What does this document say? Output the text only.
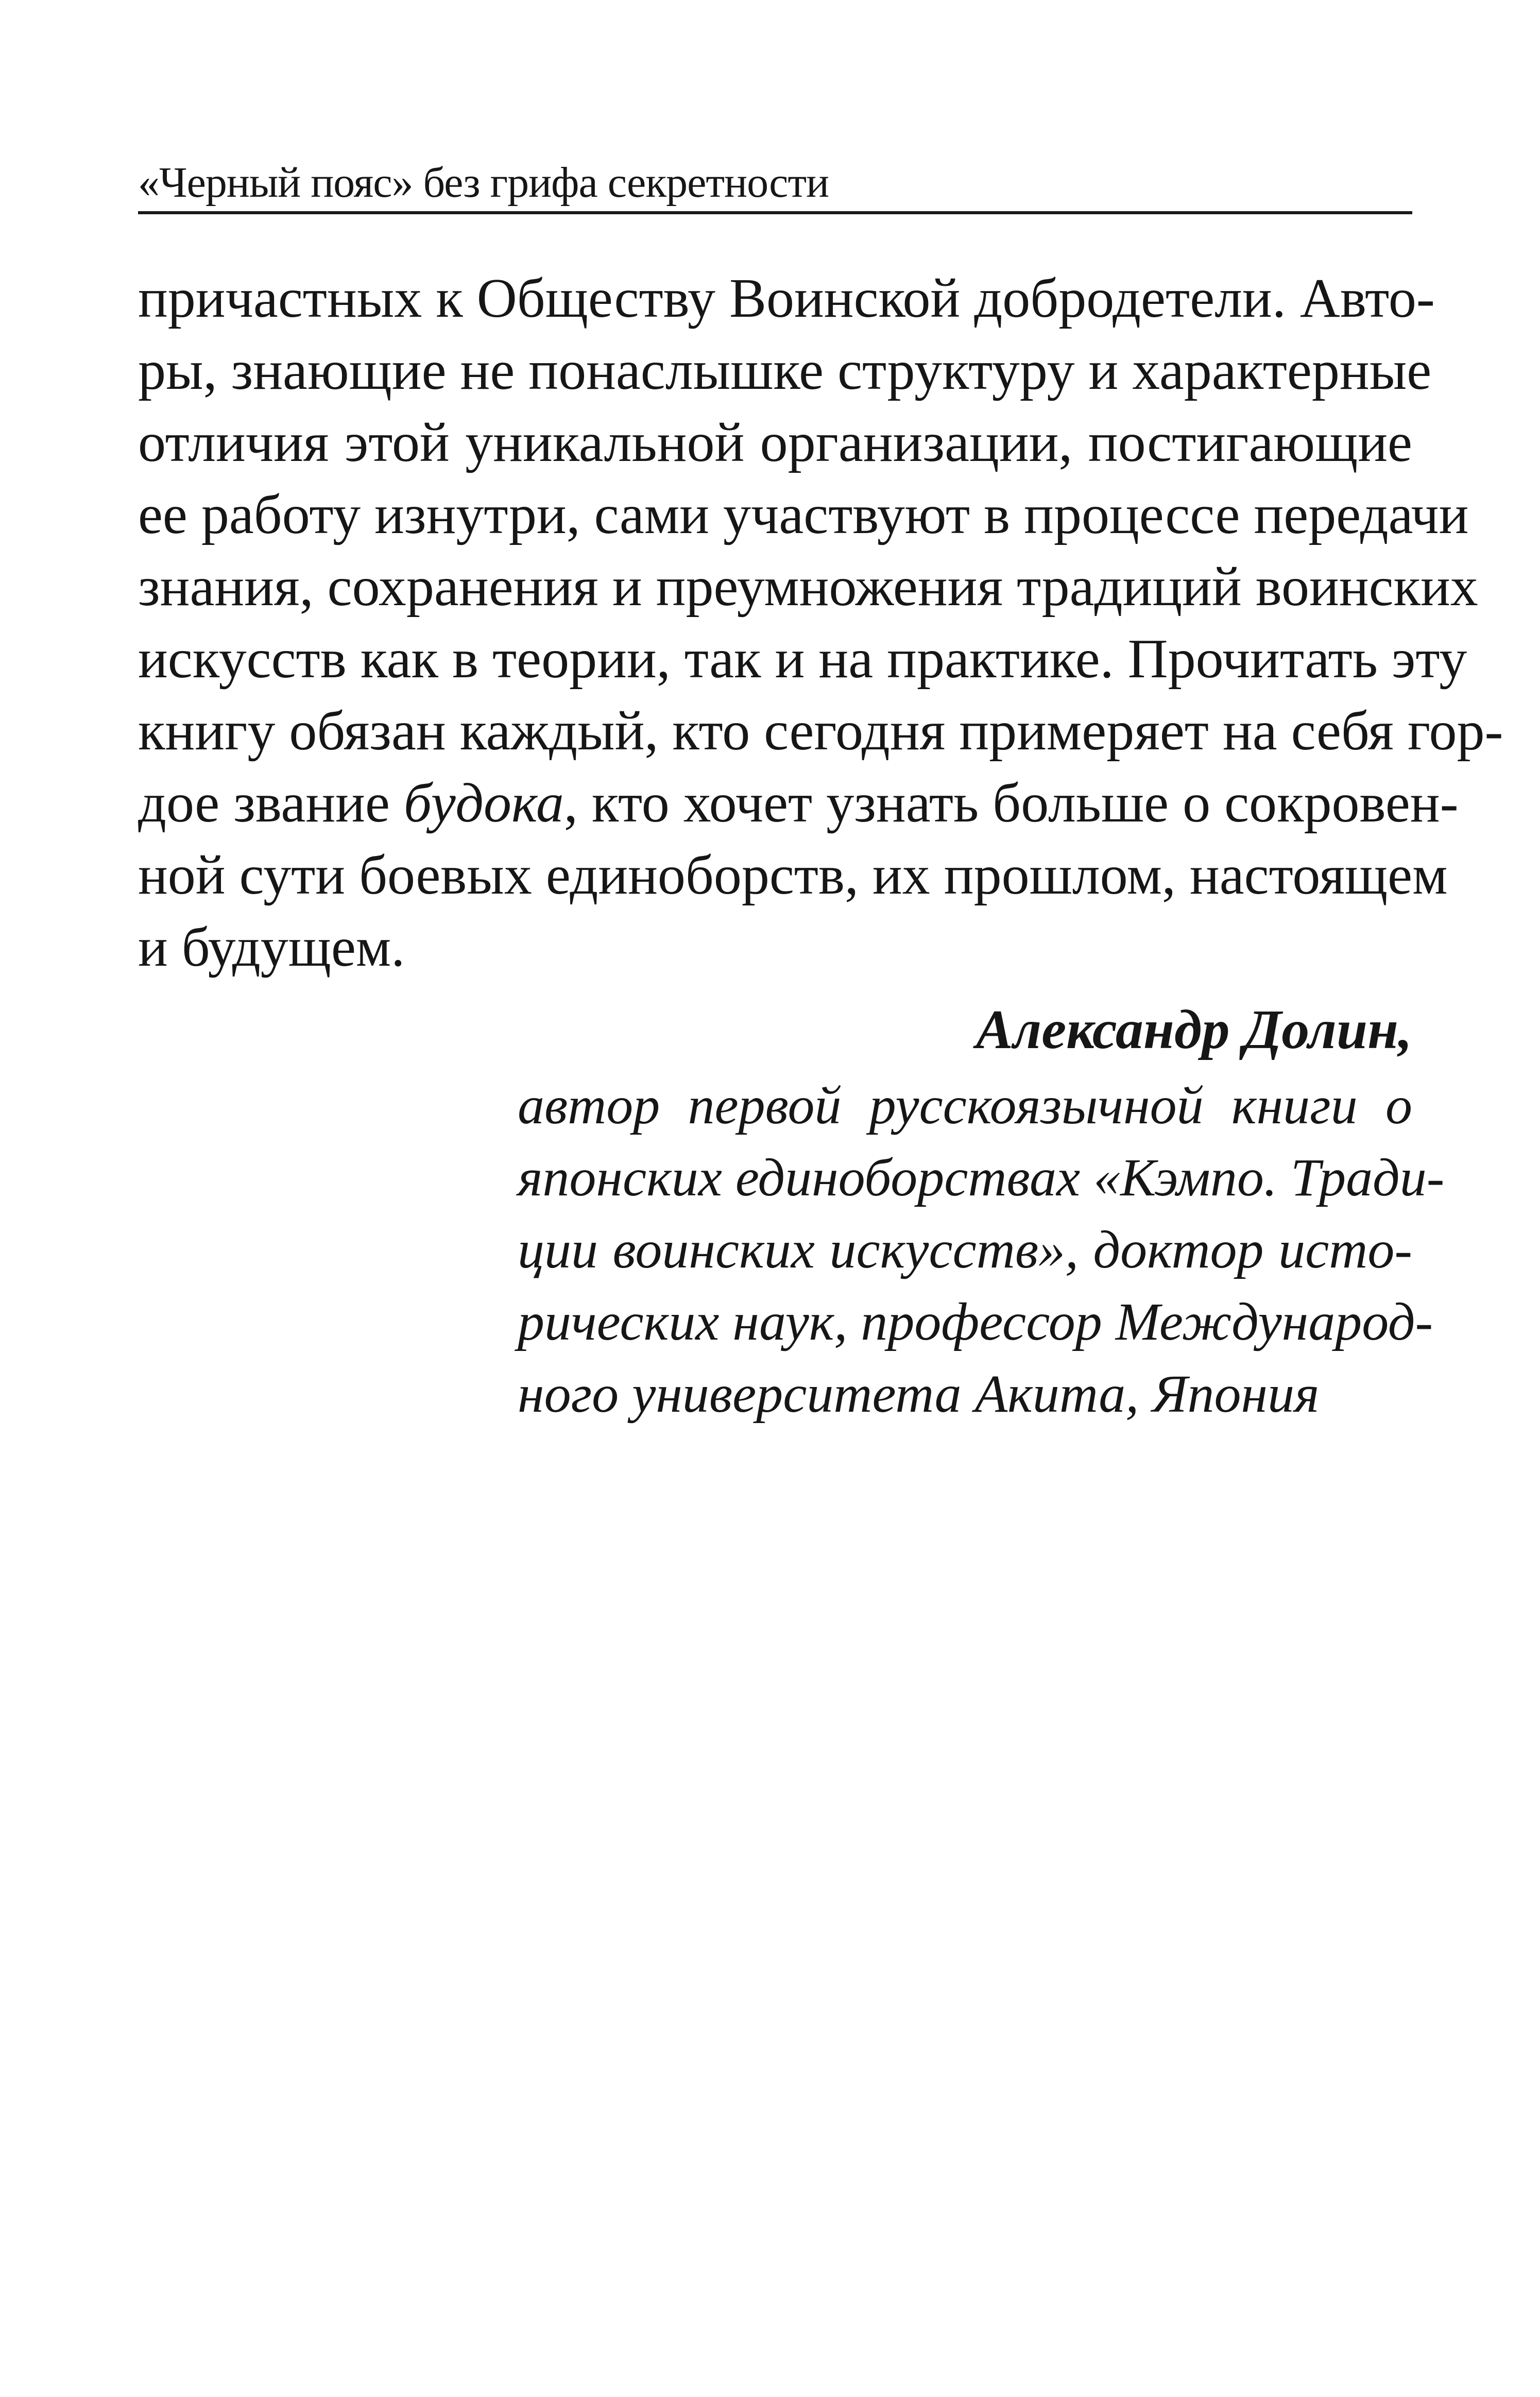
«Черный пояс» без грифа секретности
причастных к Обществу Воинской добродетели. Авто-
ры, знающие не понаслышке структуру и характерные
отличия этой уникальной организации, постигающие
ее работу изнутри, сами участвуют в процессе передачи
знания, сохранения и преумножения традиций воинских
искусств как в теории, так и на практике. Прочитать эту
книгу обязан каждый, кто сегодня примеряет на себя гор-
дое звание будока, кто хочет узнать больше о сокровен-
ной сути боевых единоборств, их прошлом, настоящем
и будущем.
Александр Долин,
автор первой русскоязычной книги о
японских единоборствах «Кэмпо. Тради-
ции воинских искусств», доктор исто-
рических наук, профессор Международ-
ного университета Акита, Япония
